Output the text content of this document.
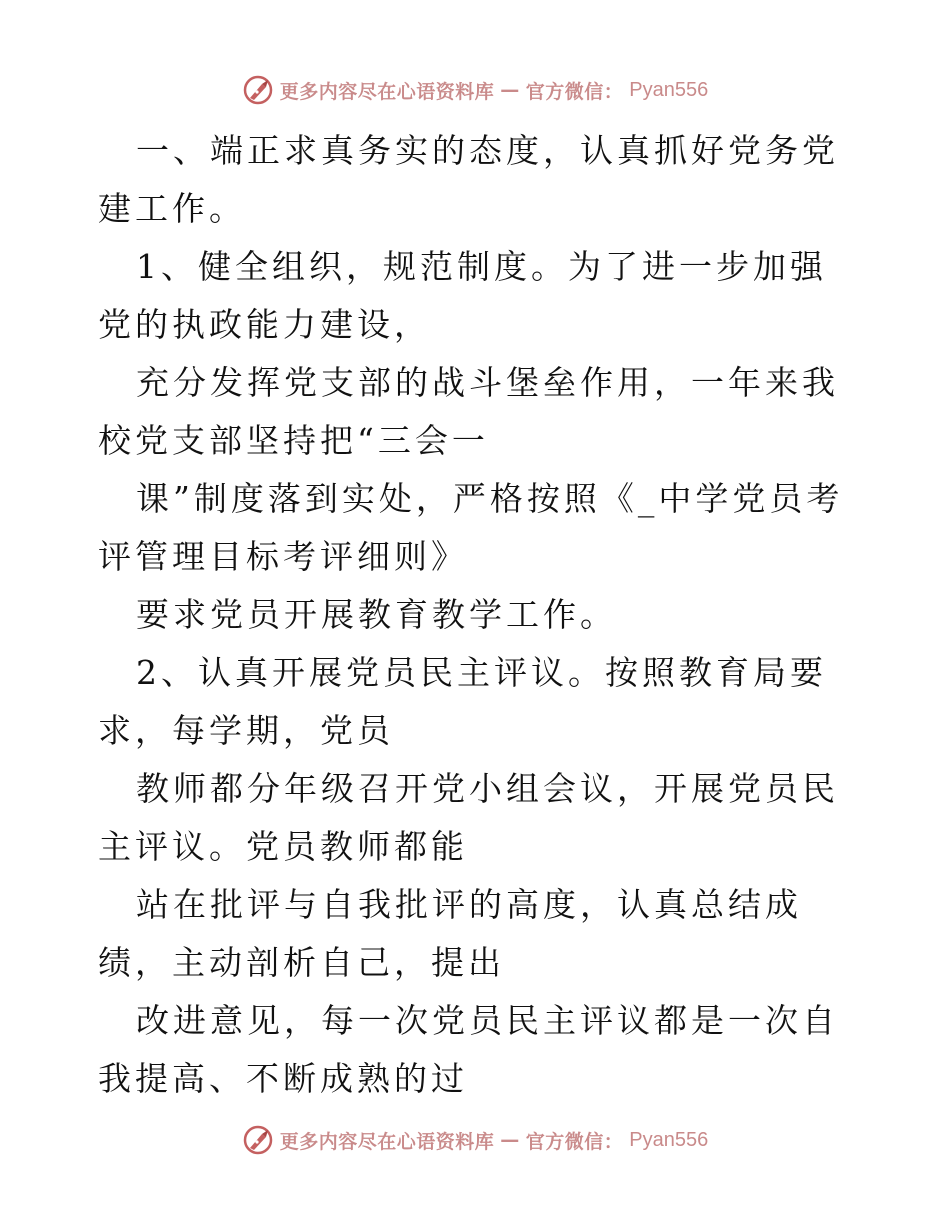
更多内容尽在心语资料库 — 官方微信： Pyan556

一、端正求真务实的态度，认真抓好党务党建工作。

1、健全组织，规范制度。为了进一步加强党的执政能力建设，

充分发挥党支部的战斗堡垒作用，一年来我校党支部坚持把“三会一

课”制度落到实处，严格按照《_中学党员考评管理目标考评细则》

要求党员开展教育教学工作。

2、认真开展党员民主评议。按照教育局要求，每学期，党员

教师都分年级召开党小组会议，开展党员民主评议。党员教师都能

站在批评与自我批评的高度，认真总结成绩，主动剖析自己，提出

改进意见，每一次党员民主评议都是一次自我提高、不断成熟的过

更多内容尽在心语资料库 — 官方微信： Pyan556
